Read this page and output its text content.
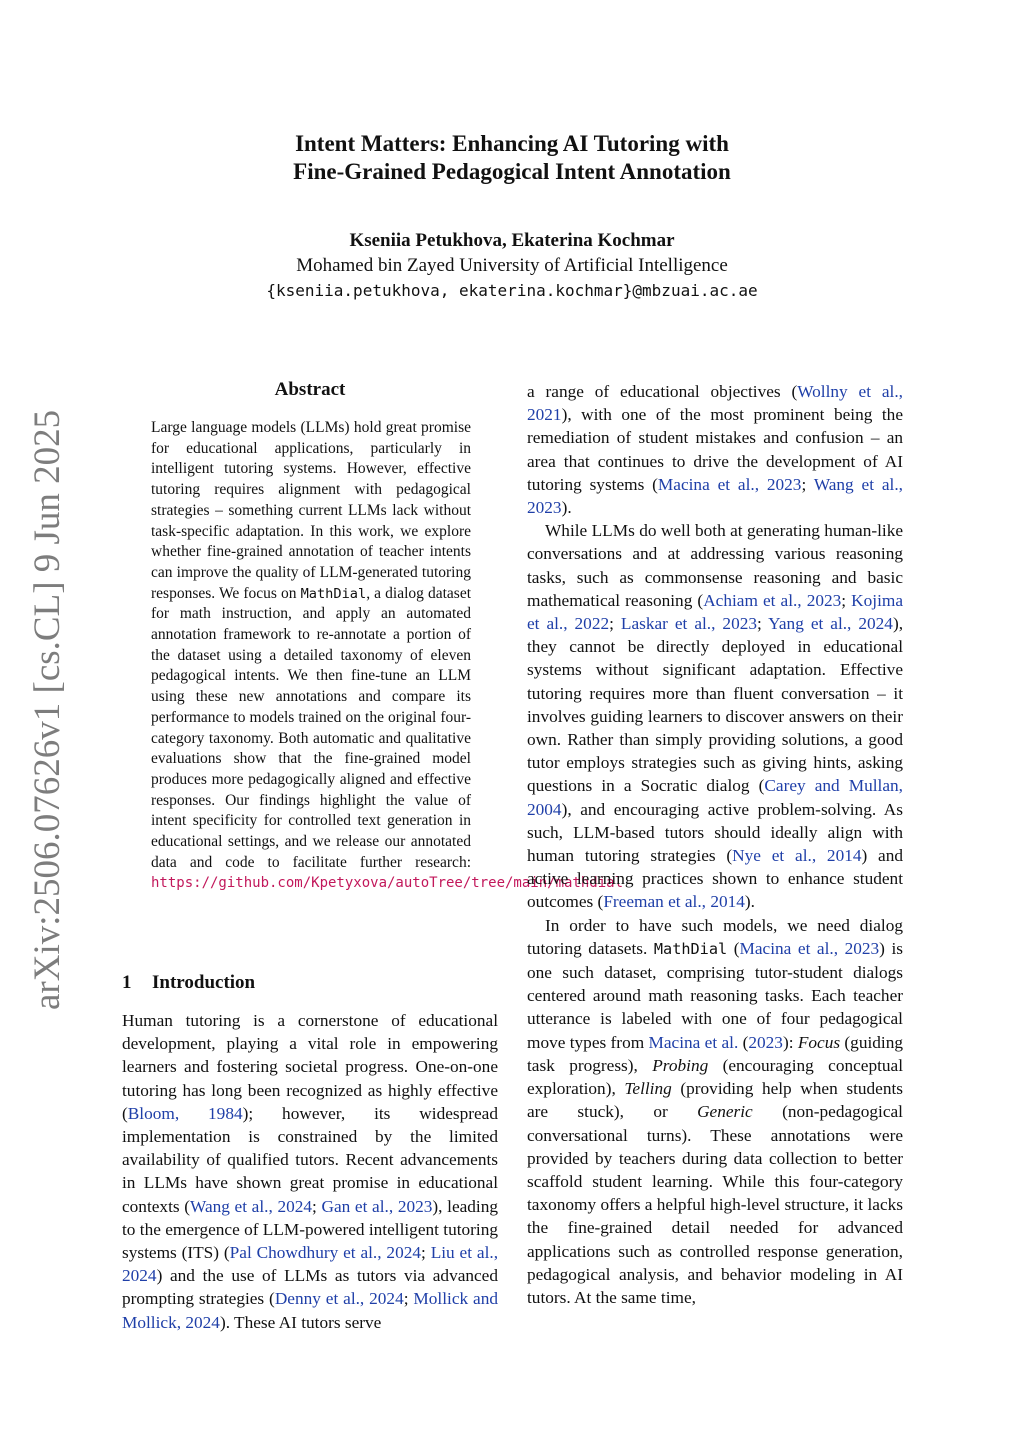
arXiv:2506.07626v1 [cs.CL] 9 Jun 2025
Intent Matters: Enhancing AI Tutoring with
Fine-Grained Pedagogical Intent Annotation
Kseniia Petukhova, Ekaterina Kochmar
Mohamed bin Zayed University of Artificial Intelligence
{kseniia.petukhova, ekaterina.kochmar}@mbzuai.ac.ae
Abstract
Large language models (LLMs) hold great promise for educational applications, particularly in intelligent tutoring systems. However, effective tutoring requires alignment with pedagogical strategies – something current LLMs lack without task-specific adaptation. In this work, we explore whether fine-grained annotation of teacher intents can improve the quality of LLM-generated tutoring responses. We focus on MathDial, a dialog dataset for math instruction, and apply an automated annotation framework to re-annotate a portion of the dataset using a detailed taxonomy of eleven pedagogical intents. We then fine-tune an LLM using these new annotations and compare its performance to models trained on the original four-category taxonomy. Both automatic and qualitative evaluations show that the fine-grained model produces more pedagogically aligned and effective responses. Our findings highlight the value of intent specificity for controlled text generation in educational settings, and we release our annotated data and code to facilitate further research: https://github.com/Kpetyxova/autoTree/tree/main/mathdial
1 Introduction

Human tutoring is a cornerstone of educational development, playing a vital role in empowering learners and fostering societal progress. One-on-one tutoring has long been recognized as highly effective (Bloom, 1984); however, its widespread implementation is constrained by the limited availability of qualified tutors. Recent advancements in LLMs have shown great promise in educational contexts (Wang et al., 2024; Gan et al., 2023), leading to the emergence of LLM-powered intelligent tutoring systems (ITS) (Pal Chowdhury et al., 2024; Liu et al., 2024) and the use of LLMs as tutors via advanced prompting strategies (Denny et al., 2024; Mollick and Mollick, 2024). These AI tutors serve

a range of educational objectives (Wollny et al., 2021), with one of the most prominent being the remediation of student mistakes and confusion – an area that continues to drive the development of AI tutoring systems (Macina et al., 2023; Wang et al., 2023).

While LLMs do well both at generating human-like conversations and at addressing various reasoning tasks, such as commonsense reasoning and basic mathematical reasoning (Achiam et al., 2023; Kojima et al., 2022; Laskar et al., 2023; Yang et al., 2024), they cannot be directly deployed in educational systems without significant adaptation. Effective tutoring requires more than fluent conversation – it involves guiding learners to discover answers on their own. Rather than simply providing solutions, a good tutor employs strategies such as giving hints, asking questions in a Socratic dialog (Carey and Mullan, 2004), and encouraging active problem-solving. As such, LLM-based tutors should ideally align with human tutoring strategies (Nye et al., 2014) and active learning practices shown to enhance student outcomes (Freeman et al., 2014).

In order to have such models, we need dialog tutoring datasets. MathDial (Macina et al., 2023) is one such dataset, comprising tutor-student dialogs centered around math reasoning tasks. Each teacher utterance is labeled with one of four pedagogical move types from Macina et al. (2023): Focus (guiding task progress), Probing (encouraging conceptual exploration), Telling (providing help when students are stuck), or Generic (non-pedagogical conversational turns). These annotations were provided by teachers during data collection to better scaffold student learning. While this four-category taxonomy offers a helpful high-level structure, it lacks the fine-grained detail needed for advanced applications such as controlled response generation, pedagogical analysis, and behavior modeling in AI tutors. At the same time,
